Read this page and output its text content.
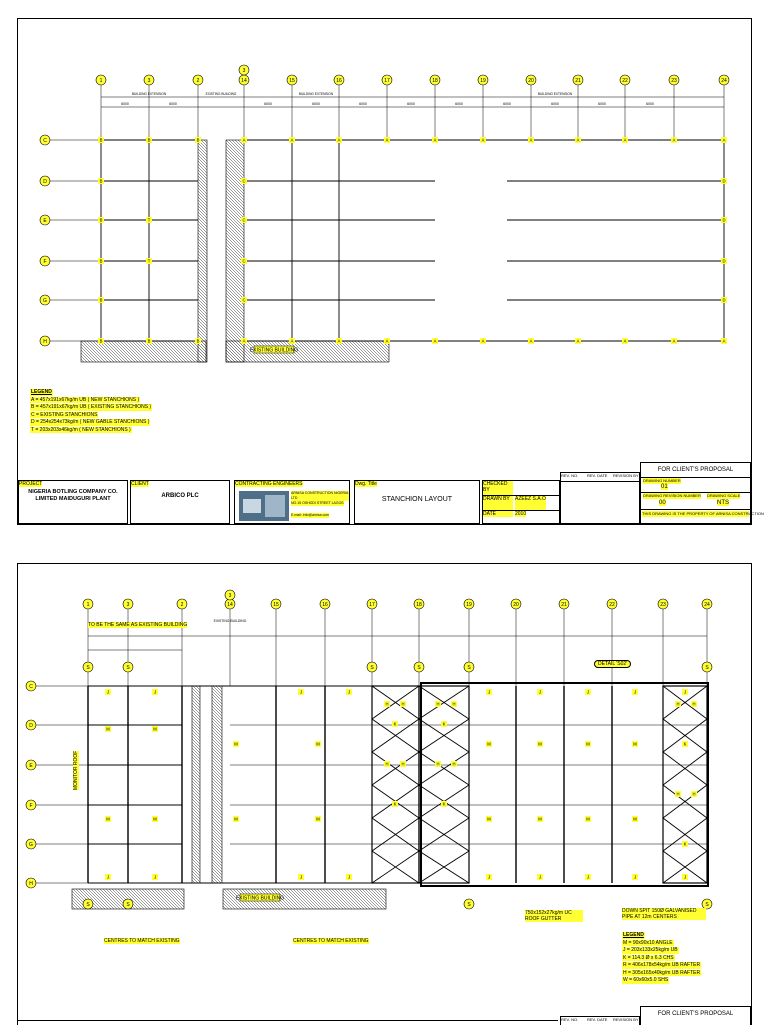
1	3	2	14	15	16	17	18	19	20	21	22	23	24
3
C
D
E
F
G
H
6000	6000	6000	6000	6000	6000	6000	6000	6000	6000	6000
BUILDING EXTENSION	EXISTING BUILDING	BUILDING EXTENSION	BUILDING EXTENSION
EXISTING BUILDING
B
B
B
B
B
B
A
A
A
A
A
A
A
A
A
A
A
A
A
A
A
A
A
A
A
A
A
A
B	C	D
B	C	D
B	C	D
B	C	D
T
T
LEGEND
A = 457x191x67kg/m UB ( NEW STANCHIONS )
B = 457x191x67kg/m UB ( EXISTING STANCHIONS )
C = EXISTING STANCHIONS
D = 254x254x73kg/m ( NEW GABLE STANCHIONS )
T = 203x203x46kg/m ( NEW STANCHIONS )
PROJECT
NIGERIA BOTLING COMPANY CO. LIMITED MAIDUGURI PLANT
CLIENT
ARBICO PLC
CONTRACTING ENGINEERS
ARNISA CONSTRUCTION NIGERIA LTD
NO.15 OSHODI STREET LAGOS
E-mail: info@arnisa.com
Dwg. Title
STANCHION LAYOUT
CHECKED BY
DRAWN BY	AZEEZ S.A.O
DATE	2010
REV. NO.	REV. DATE	REVISION BY
FOR CLIENT'S PROPOSAL
DRAWING NUMBER
01
DRAWING REVISION NUMBER
00
DRAWING SCALE
NTS
THIS DRAWING IS THE PROPERTY OF ARNISA CONSTRUCTION
1	3	2	14	15	16	17	18	19	20	21	22	23	24
3
C
D
E
F
G
H
EXISTING BUILDING
EXISTING BUILDING
J
J
J
J
J
J
J
J
J
J
J
J
J
J
J
J
J
J
M	M
M	M
M	M
M	M
M	M	M	M
M	M	M	M
H	H	H	H
H	H	H	H
H	H
H	H
K	K
K	K
K
K
S	S	S	S	S	S
S	S	S	S
TO BE THE SAME AS EXISTING BUILDING
DETAIL 'S02'
CENTRES TO MATCH EXISTING	CENTRES TO MATCH EXISTING
750x152x27kg/m UC ROOF GUTTER
DOWN SPIT 150Ø GALVANISED PIPE AT 12m CENTERS
MONITOR ROOF
LEGEND
M = 90x90x10 ANGLE
J = 203x133x25kg/m UB
K = 114.3 Ø x 6.3 CHS
R = 406x178x54kg/m UB RAFTER
H = 305x165x40kg/m UB RAFTER
W = 60x60x5.0 SHS
FOR CLIENT'S PROPOSAL
REV. NO.	REV. DATE	REVISION BY
